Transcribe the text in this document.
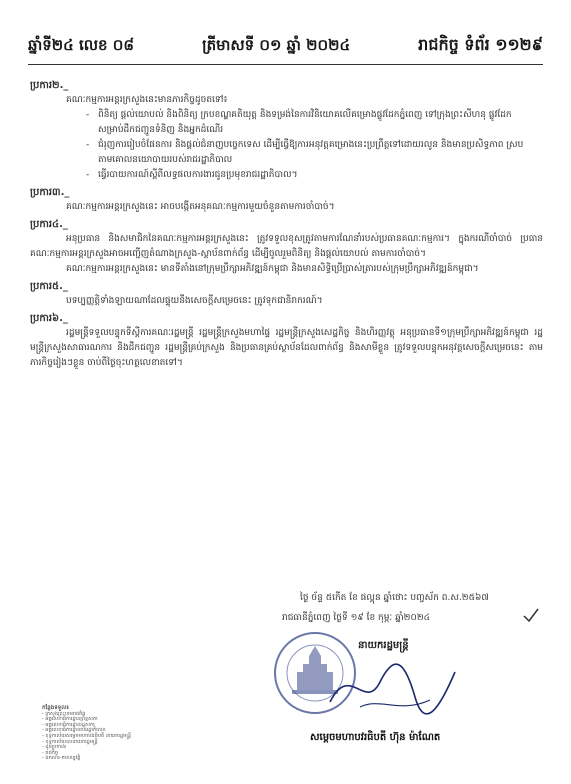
ឆ្នាំទី២៤ លេខ ០៨	ត្រីមាសទី ០១ ឆ្នាំ ២០២៤	រាជកិច្ច ទំព័រ ១១២៩
ប្រការ២._
គណៈកម្មការអន្តរក្រសួងនេះមានភារកិច្ចដូចតទៅ៖
- ពិនិត្យ ផ្តល់យោបល់ និងពិនិត្យ ក្របខណ្ឌគតិយុត្ត និងទម្រង់នៃការវិនិយោគលើគម្រោងផ្លូវដែកភ្នំពេញ ទៅក្រុងព្រះសីហនុ ផ្លូវដែកសម្រាប់ដឹកជញ្ជូនទំនិញ និងអ្នកដំណើរ
- ជំរុញការរៀបចំផែនការ និងផ្តល់ជំនាញបច្ចេកទេស ដើម្បីធ្វើឱ្យការអនុវត្តគម្រោងនេះប្រព្រឹត្តទៅដោយរលូន និងមានប្រសិទ្ធភាព ស្របតាមគោលនយោបាយរបស់រាជរដ្ឋាភិបាល
- ធ្វើរបាយការណ៍ស្តីពីលទ្ធផលការងារជូនប្រមុខរាជរដ្ឋាភិបាល។
ប្រការ៣._
គណៈកម្មការអន្តរក្រសួងនេះ អាចបង្កើតអនុគណៈកម្មការមួយចំនួនតាមការចាំបាច់។
ប្រការ៤._
អនុប្រធាន និងសមាជិកនៃគណៈកម្មការអន្តរក្រសួងនេះ ត្រូវទទួលខុសត្រូវតាមការណែនាំរបស់ប្រធានគណៈកម្មការ។ ក្នុងករណីចាំបាច់ ប្រធានគណៈកម្មការអន្តរក្រសួងអាចអញ្ជើញតំណាងក្រសួង-ស្ថាប័នពាក់ព័ន្ធ ដើម្បីចូលរួមពិនិត្យ និងផ្តល់យោបល់ តាមការចាំបាច់។
គណៈកម្មការអន្តរក្រសួងនេះ មានទីតាំងនៅក្រុមប្រឹក្សាអភិវឌ្ឍន៍កម្ពុជា និងមានសិទ្ធិប្រើប្រាស់ត្រារបស់ក្រុមប្រឹក្សាអភិវឌ្ឍន៍កម្ពុជា។
ប្រការ៥._
បទប្បញ្ញត្តិទាំងឡាយណាដែលផ្ទុយនឹងសេចក្តីសម្រេចនេះ ត្រូវទុកជានិរាករណ៍។
ប្រការ៦._
រដ្ឋមន្ត្រីទទួលបន្ទុកទីស្តីការគណៈរដ្ឋមន្ត្រី រដ្ឋមន្ត្រីក្រសួងមហាផ្ទៃ រដ្ឋមន្ត្រីក្រសួងសេដ្ឋកិច្ច និងហិរញ្ញវត្ថុ អនុប្រធានទី១ក្រុមប្រឹក្សាអភិវឌ្ឍន៍កម្ពុជា រដ្ឋមន្ត្រីក្រសួងសាធារណការ និងដឹកជញ្ជូន រដ្ឋមន្ត្រីគ្រប់ក្រសួង និងប្រធានគ្រប់ស្ថាប័នដែលពាក់ព័ន្ធ និងសាមីខ្លួន ត្រូវទទួលបន្ទុកអនុវត្តសេចក្តីសម្រេចនេះ តាមភារកិច្ចរៀងៗខ្លួន ចាប់ពីថ្ងៃចុះហត្ថលេខាតទៅ។
ថ្ងៃ ច័ន្ទ ៥កើត ខែ ផល្គុន ឆ្នាំថោះ បញ្ចស័ក ព.ស.២៥៦៧
រាជធានីភ្នំពេញ ថ្ងៃទី ១៩ ខែ កុម្ភៈ ឆ្នាំ២០២៤
នាយករដ្ឋមន្ត្រី
សម្តេចមហាបវរធិបតី ហ៊ុន ម៉ាណែត
កន្លែងទទួល៖
- ក្រសួងព្រះបរមរាជវាំង
- អគ្គលេខាធិការដ្ឋានព្រឹទ្ធសភា
- អគ្គលេខាធិការដ្ឋានរដ្ឋសភា
- អគ្គលេខាធិការដ្ឋានរាជរដ្ឋាភិបាល
- ខុទ្ទកាល័យសម្តេចមហាបវរធិបតី នាយករដ្ឋមន្ត្រី
- ខុទ្ទកាល័យឧបនាយករដ្ឋមន្ត្រី
- ដូចប្រការ៦
- រាជកិច្ច
- ឯកសារ-កាលប្បវត្តិ
